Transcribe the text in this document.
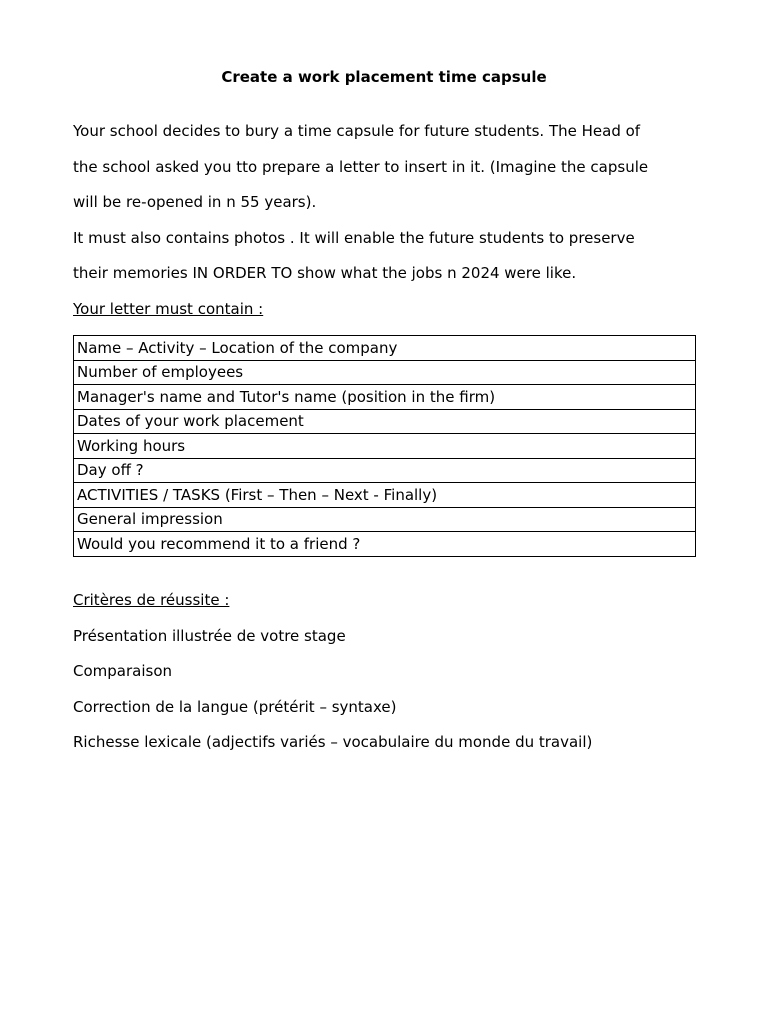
Create a work placement time capsule
Your school decides to bury a time capsule for future students. The Head of
the school asked you tto prepare a letter to insert in it. (Imagine the capsule
will be re-opened in n 55 years).
It must also contains photos . It will enable the future students to preserve
their memories IN ORDER TO show what the jobs n 2024 were like.
Your letter must contain :
Name – Activity – Location of the company
Number of employees
Manager's name and Tutor's name (position in the firm)
Dates of your work placement
Working hours
Day off ?
ACTIVITIES / TASKS (First – Then – Next - Finally)
General impression
Would you recommend it to a friend ?
Critères de réussite :
Présentation illustrée de votre stage
Comparaison
Correction de la langue (prétérit – syntaxe)
Richesse lexicale (adjectifs variés – vocabulaire du monde du travail)
